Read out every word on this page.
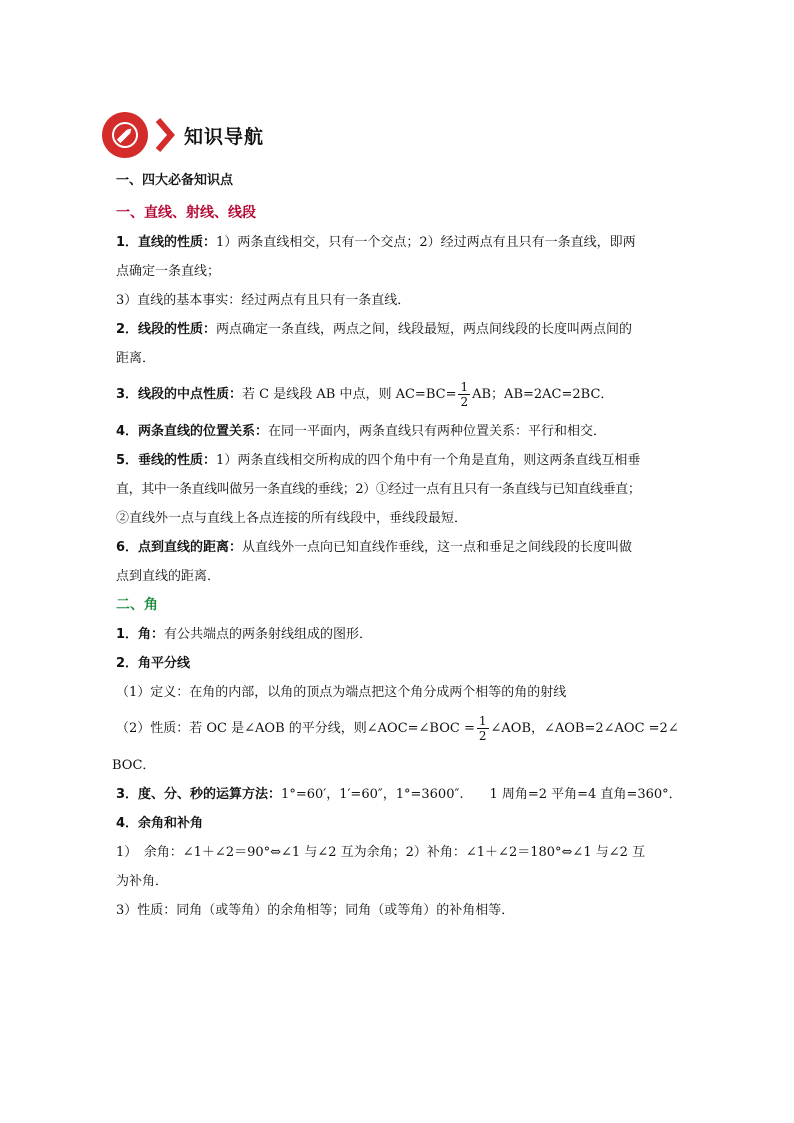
知识导航
一、四大必备知识点
一、直线、射线、线段
1．直线的性质：1）两条直线相交，只有一个交点；2）经过两点有且只有一条直线，即两
点确定一条直线；
3）直线的基本事实：经过两点有且只有一条直线．
2．线段的性质：两点确定一条直线，两点之间，线段最短，两点间线段的长度叫两点间的
距离．
3．线段的中点性质：若 C 是线段 AB 中点，则 $AC=BC= \frac{1}{2}$ AB；AB=2AC=2BC．
4．两条直线的位置关系：在同一平面内，两条直线只有两种位置关系：平行和相交．
5．垂线的性质：1）两条直线相交所构成的四个角中有一个角是直角，则这两条直线互相垂
直，其中一条直线叫做另一条直线的垂线；2）①经过一点有且只有一条直线与已知直线垂直；
②直线外一点与直线上各点连接的所有线段中，垂线段最短．
6．点到直线的距离：从直线外一点向已知直线作垂线，这一点和垂足之间线段的长度叫做
点到直线的距离．
二、角
1．角：有公共端点的两条射线组成的图形．
2．角平分线
（1）定义：在角的内部，以角的顶点为端点把这个角分成两个相等的角的射线
（2）性质：若 OC 是∠AOB 的平分线，则∠AOC=∠BOC = $\frac{1}{2}$ ∠AOB，∠AOB=2∠AOC =2∠
BOC．
3．度、分、秒的运算方法：1°=60′，1′=60″，1°=3600″.　　1 周角=2 平角=4 直角=360°．
4．余角和补角
1）　余角：∠1＋∠2＝90°⇔∠1 与∠2 互为余角；2）补角：∠1＋∠2＝180°⇔∠1 与∠2 互
为补角．
3）性质：同角（或等角）的余角相等；同角（或等角）的补角相等．
